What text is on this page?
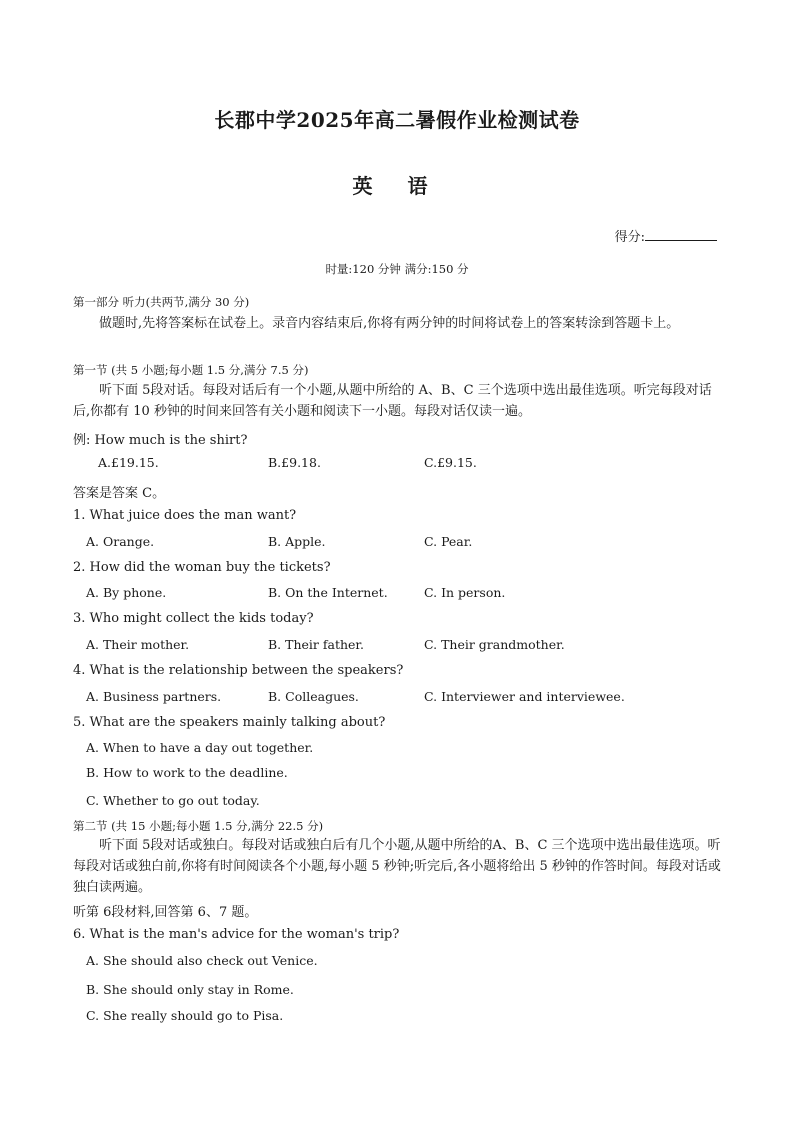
长郡中学2025年高二暑假作业检测试卷
英 语
得分:
时量:120 分钟 满分:150 分
第一部分 听力(共两节,满分 30 分)
做题时,先将答案标在试卷上。录音内容结束后,你将有两分钟的时间将试卷上的答案转涂到答题卡上。
第一节 (共 5 小题;每小题 1.5 分,满分 7.5 分)
听下面 5段对话。每段对话后有一个小题,从题中所给的 A、B、C 三个选项中选出最佳选项。听完每段对话后,你都有 10 秒钟的时间来回答有关小题和阅读下一小题。每段对话仅读一遍。
例: How much is the shirt?
A.£19.15.	B.£9.18.	C.£9.15.
答案是答案 C。
1. What juice does the man want?
A. Orange.	B. Apple.	C. Pear.
2. How did the woman buy the tickets?
A. By phone.	B. On the Internet.	C. In person.
3. Who might collect the kids today?
A. Their mother.	B. Their father.	C. Their grandmother.
4. What is the relationship between the speakers?
A. Business partners.	B. Colleagues.	C. Interviewer and interviewee.
5. What are the speakers mainly talking about?
A. When to have a day out together.
B. How to work to the deadline.
C. Whether to go out today.
第二节 (共 15 小题;每小题 1.5 分,满分 22.5 分)
听下面 5段对话或独白。每段对话或独白后有几个小题,从题中所给的A、B、C 三个选项中选出最佳选项。听每段对话或独白前,你将有时间阅读各个小题,每小题 5 秒钟;听完后,各小题将给出 5 秒钟的作答时间。每段对话或独白读两遍。
听第 6段材料,回答第 6、7 题。
6. What is the man's advice for the woman's trip?
A. She should also check out Venice.
B. She should only stay in Rome.
C. She really should go to Pisa.
